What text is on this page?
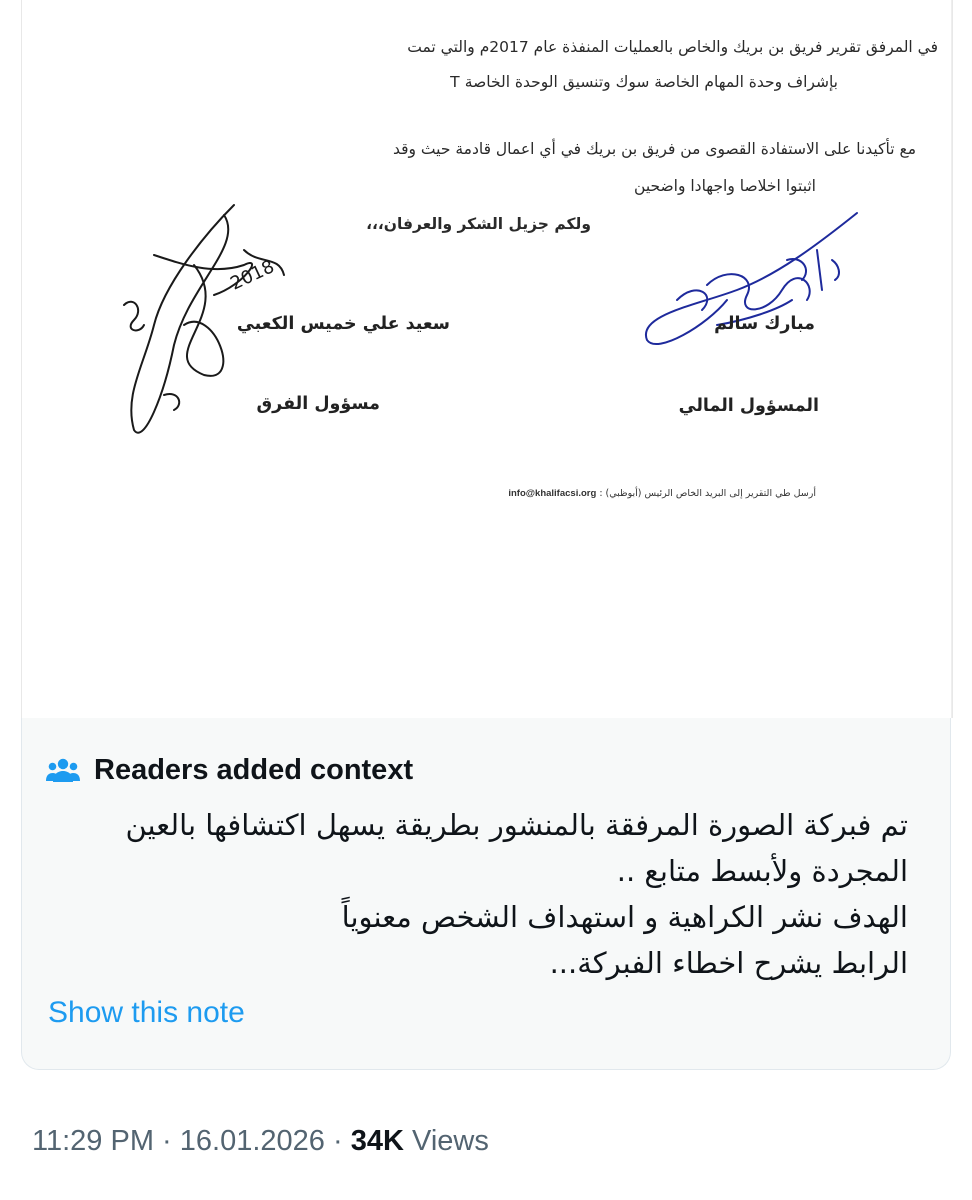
في المرفق تقرير فريق بن بريك والخاص بالعمليات المنفذة عام 2017م والتي تمت
بإشراف وحدة المهام الخاصة سوك وتنسيق الوحدة الخاصة T
مع تأكيدنا على الاستفادة القصوى من فريق بن بريك في أي اعمال قادمة حيث وقد
اثبتوا اخلاصا واجهادا واضحين
ولكم جزيل الشكر والعرفان،،،
2018
سعيد علي خميس الكعبي
مسؤول الفرق
مبارك سالم
المسؤول المالي
أرسل طي التقرير إلى البريد الخاص الرئيس (أبوظبي) : info@khalifacsi.org
Readers added context
تم فبركة الصورة المرفقة بالمنشور بطريقة يسهل اكتشافها بالعين
المجردة ولأبسط متابع ..
الهدف نشر الكراهية و استهداف الشخص معنوياً
الرابط يشرح اخطاء الفبركة...
Show this note
11:29 PM · 16.01.2026 · 34K Views
